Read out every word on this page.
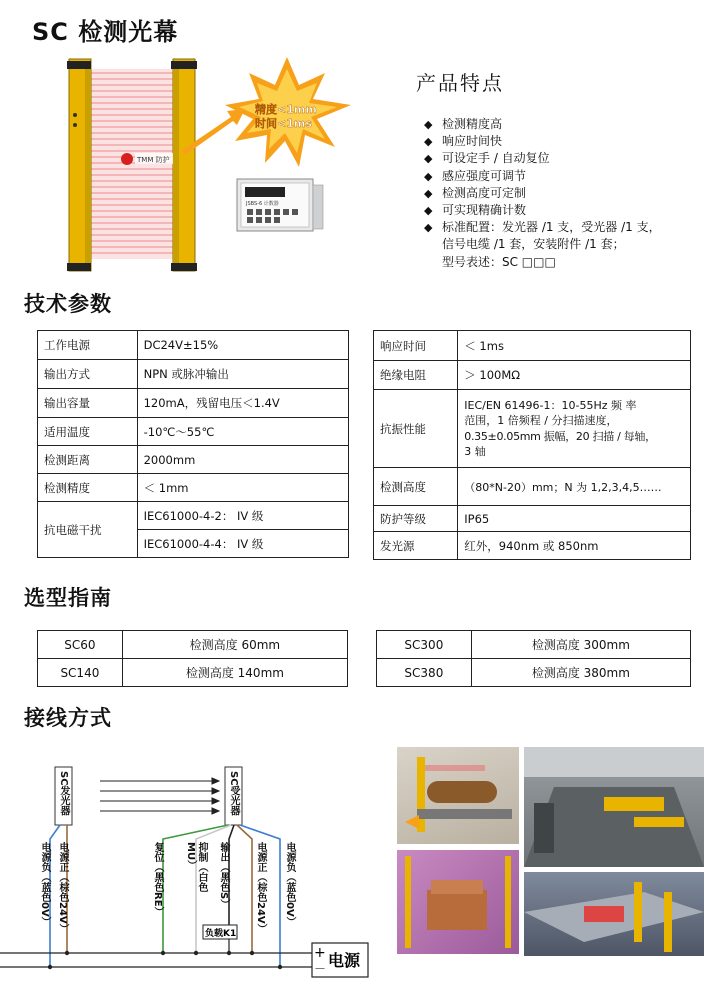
SC 检测光幕
TMM 防护
精度<1mm
时间<1ms
JSBS-6 计数器
产品特点
◆ 检测精度高
◆ 响应时间快
◆ 可设定手 / 自动复位
◆ 感应强度可调节
◆ 检测高度可定制
◆ 可实现精确计数
◆ 标准配置：发光器 /1 支，受光器 /1 支，
信号电缆 /1 套，安装附件 /1 套；
型号表述：SC □□□
技术参数
工作电源	DC24V±15%
输出方式	NPN 或脉冲输出
输出容量	120mA，残留电压＜1.4V
适用温度	-10℃～55℃
检测距离	2000mm
检测精度	＜ 1mm
抗电磁干扰	IEC61000-4-2： IV 级
	IEC61000-4-4： IV 级
响应时间	＜ 1ms
绝缘电阻	＞ 100MΩ
抗振性能	IEC/EN 61496-1：10-55Hz 频 率
范围，1 倍频程 / 分扫描速度，
0.35±0.05mm 振幅，20 扫描 / 每轴，
3 轴

检测高度	（80*N-20）mm；N 为 1,2,3,4,5……
防护等级	IP65
发光源	红外，940nm 或 850nm
选型指南
SC60	检测高度 60mm
SC140	检测高度 140mm
SC300	检测高度 300mm
SC380	检测高度 380mm
接线方式
负载K1
+
－ 电源
SC发光器	SC受光器
电源负（蓝色0V） 电源正（棕色24V）	复位（黑色RE）	抑制（白色MU）	输出（黑色S）	电源正（棕色24V） 电源负（蓝色0V）
